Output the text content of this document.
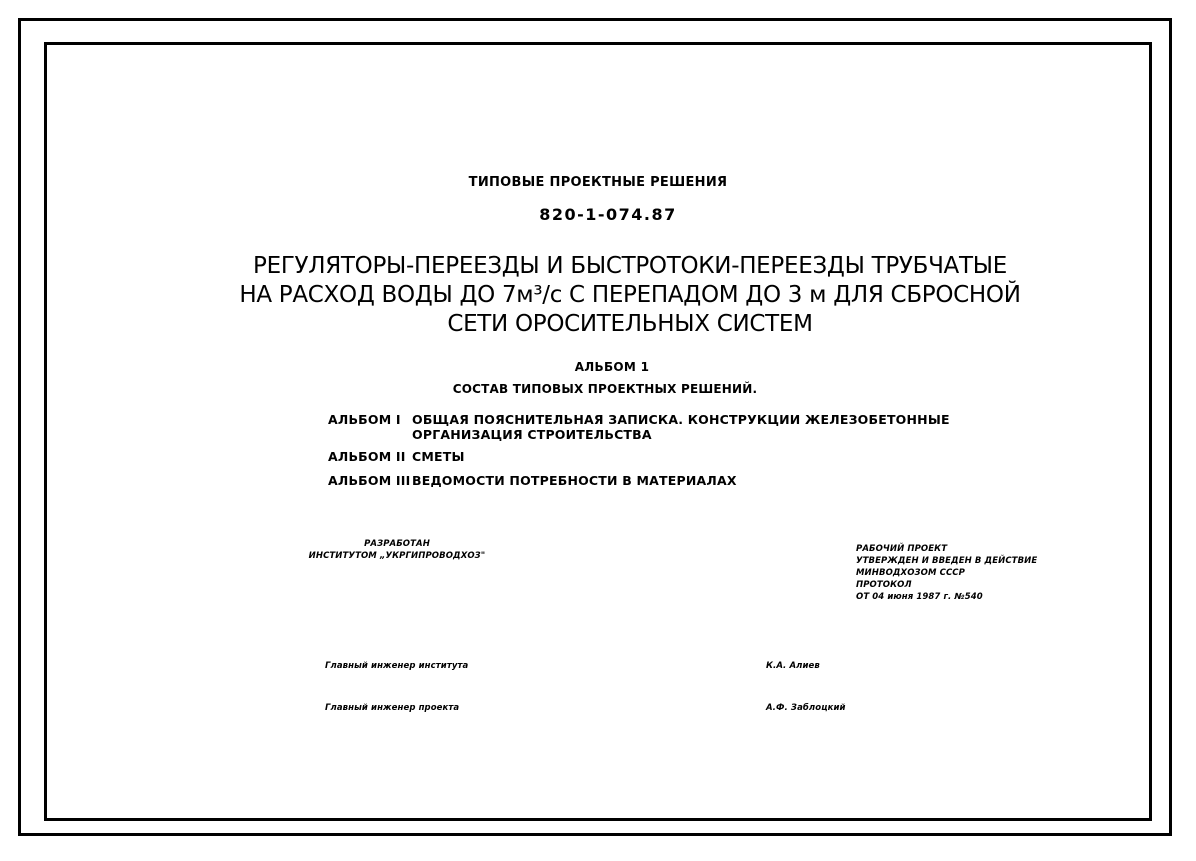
ТИПОВЫЕ ПРОЕКТНЫЕ РЕШЕНИЯ
820-1-074.87
РЕГУЛЯТОРЫ-ПЕРЕЕЗДЫ И БЫСТРОТОКИ-ПЕРЕЕЗДЫ ТРУБЧАТЫЕ
НА РАСХОД ВОДЫ ДО 7м³/с С ПЕРЕПАДОМ ДО 3 м ДЛЯ СБРОСНОЙ
СЕТИ ОРОСИТЕЛЬНЫХ СИСТЕМ
АЛЬБОМ 1
СОСТАВ ТИПОВЫХ ПРОЕКТНЫХ РЕШЕНИЙ.
АЛЬБОМ I ОБЩАЯ ПОЯСНИТЕЛЬНАЯ ЗАПИСКА. КОНСТРУКЦИИ ЖЕЛЕЗОБЕТОННЫЕ
ОРГАНИЗАЦИЯ СТРОИТЕЛЬСТВА
АЛЬБОМ II СМЕТЫ
АЛЬБОМ III ВЕДОМОСТИ ПОТРЕБНОСТИ В МАТЕРИАЛАХ
РАЗРАБОТАН
ИНСТИТУТОМ „УКРГИПРОВОДХОЗ"
РАБОЧИЙ ПРОЕКТ
УТВЕРЖДЕН И ВВЕДЕН В ДЕЙСТВИЕ
МИНВОДХОЗОМ СССР
ПРОТОКОЛ
ОТ 04 июня 1987 г. №540
Главный инженер института	К.А. Алиев
Главный инженер проекта	А.Ф. Заблоцкий
